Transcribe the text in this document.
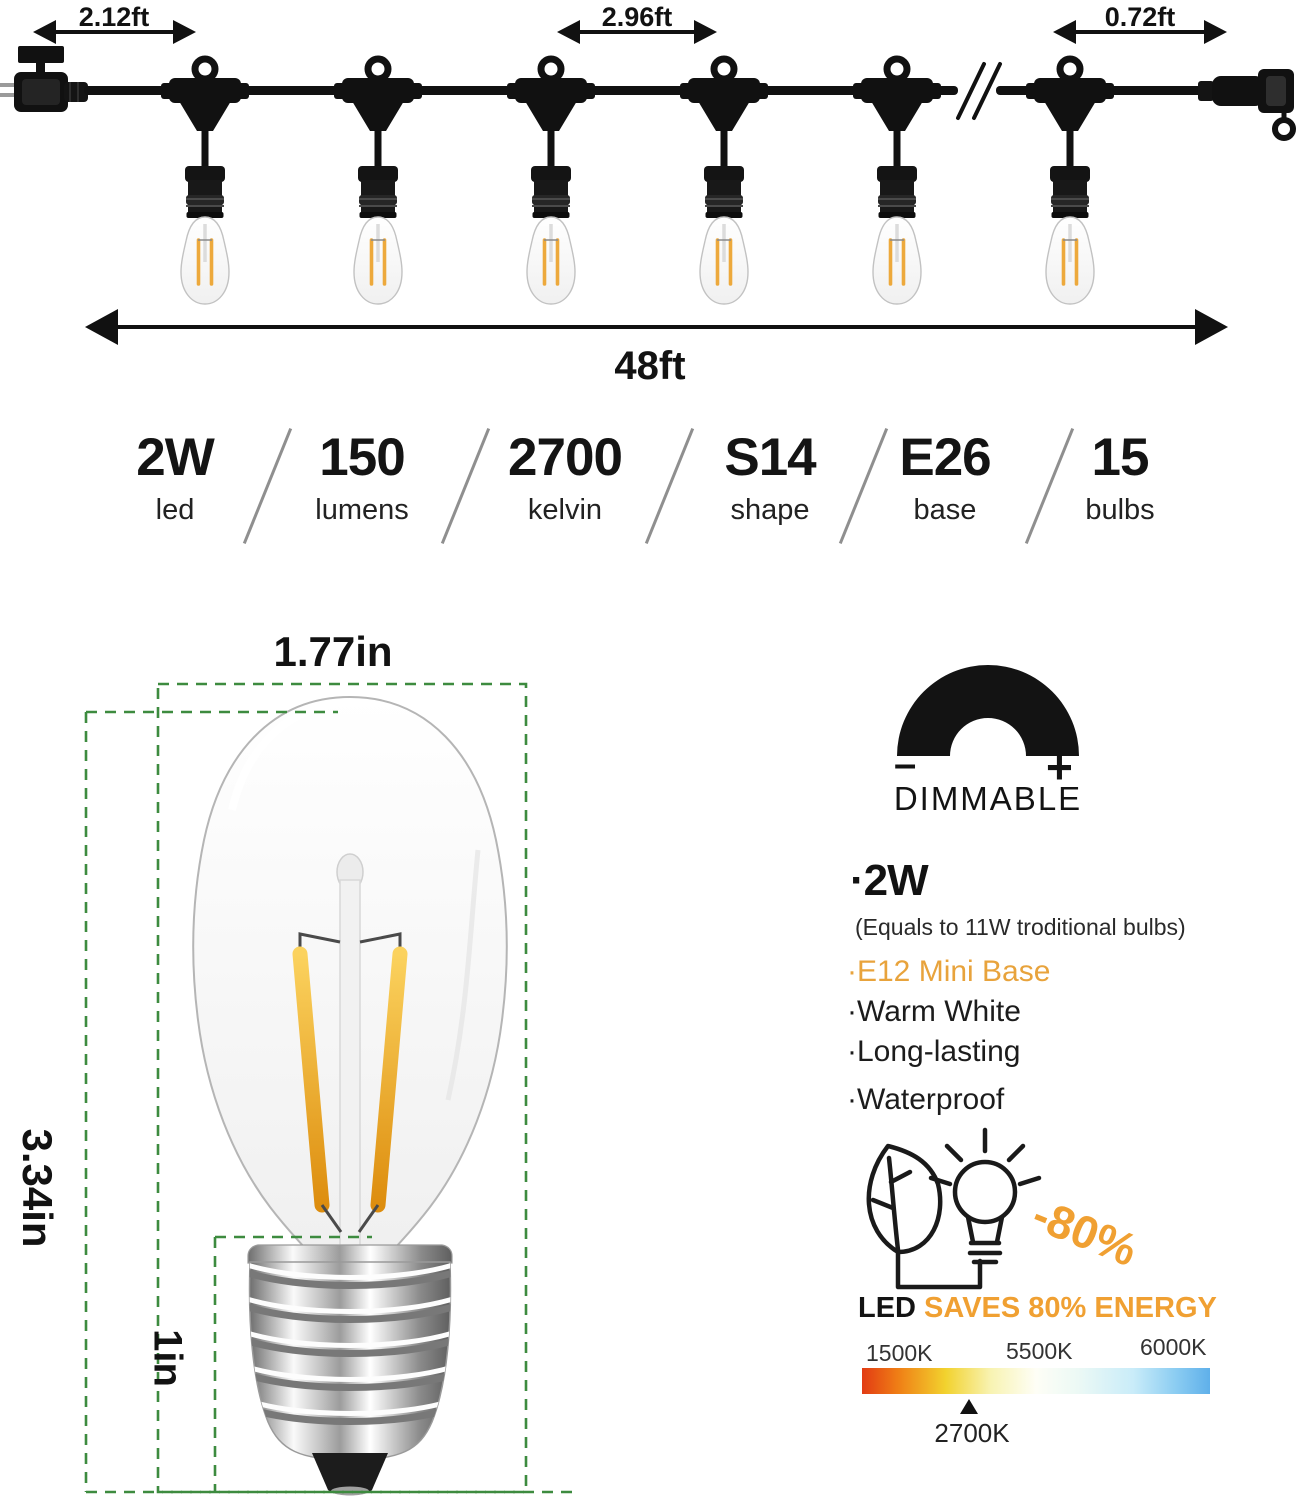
2.12ft	2.96ft	0.72ft
48ft
2W
led
150
lumens
2700
kelvin
S14
shape
E26
base
15
bulbs
1.77in
3.34in
1in
–	+
DIMMABLE
·2W
(Equals to 11W troditional bulbs)
·E12 Mini Base
·Warm White
·Long-lasting
·Waterproof
-80%
LED SAVES 80% ENERGY
1500K	5500K	6000K
2700K
